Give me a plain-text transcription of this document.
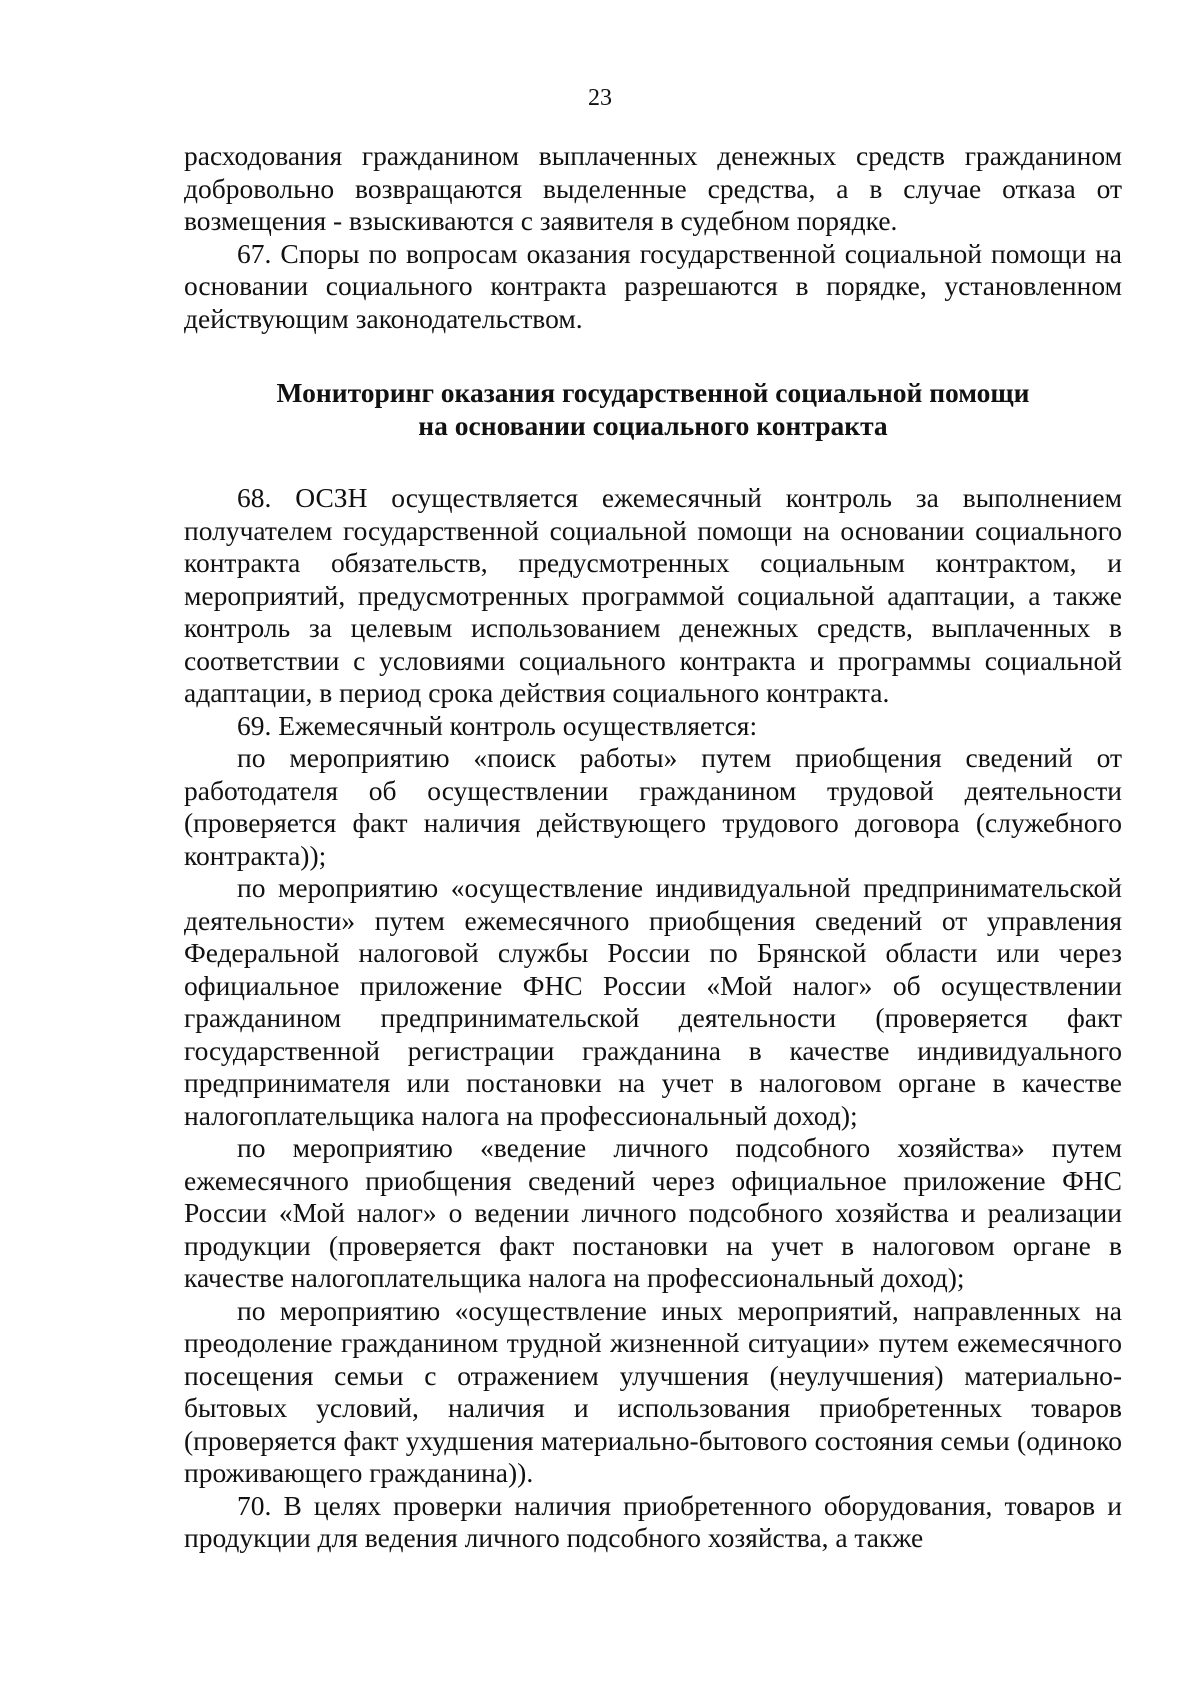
23

расходования гражданином выплаченных денежных средств гражданином добровольно возвращаются выделенные средства, а в случае отказа от возмещения - взыскиваются с заявителя в судебном порядке.

67. Споры по вопросам оказания государственной социальной помощи на основании социального контракта разрешаются в порядке, установленном действующим законодательством.

Мониторинг оказания государственной социальной помощи
на основании социального контракта

68. ОСЗН осуществляется ежемесячный контроль за выполнением получателем государственной социальной помощи на основании социального контракта обязательств, предусмотренных социальным контрактом, и мероприятий, предусмотренных программой социальной адаптации, а также контроль за целевым использованием денежных средств, выплаченных в соответствии с условиями социального контракта и программы социальной адаптации, в период срока действия социального контракта.

69. Ежемесячный контроль осуществляется:

по мероприятию «поиск работы» путем приобщения сведений от работодателя об осуществлении гражданином трудовой деятельности (проверяется факт наличия действующего трудового договора (служебного контракта));

по мероприятию «осуществление индивидуальной предпринимательской деятельности» путем ежемесячного приобщения сведений от управления Федеральной налоговой службы России по Брянской области или через официальное приложение ФНС России «Мой налог» об осуществлении гражданином предпринимательской деятельности (проверяется факт государственной регистрации гражданина в качестве индивидуального предпринимателя или постановки на учет в налоговом органе в качестве налогоплательщика налога на профессиональный доход);

по мероприятию «ведение личного подсобного хозяйства» путем ежемесячного приобщения сведений через официальное приложение ФНС России «Мой налог» о ведении личного подсобного хозяйства и реализации продукции (проверяется факт постановки на учет в налоговом органе в качестве налогоплательщика налога на профессиональный доход);

по мероприятию «осуществление иных мероприятий, направленных на преодоление гражданином трудной жизненной ситуации» путем ежемесячного посещения семьи с отражением улучшения (неулучшения) материально-бытовых условий, наличия и использования приобретенных товаров (проверяется факт ухудшения материально-бытового состояния семьи (одиноко проживающего гражданина)).

70. В целях проверки наличия приобретенного оборудования, товаров и продукции для ведения личного подсобного хозяйства, а также
